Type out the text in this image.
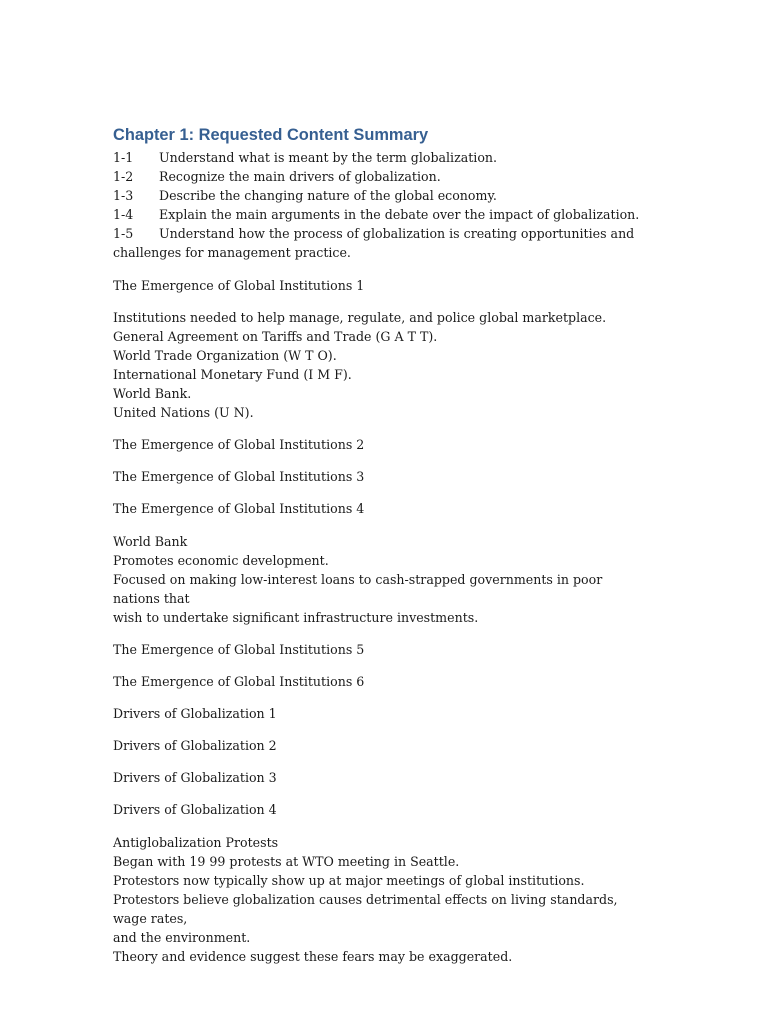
Chapter 1: Requested Content Summary
1-1	Understand what is meant by the term globalization.
1-2	Recognize the main drivers of globalization.
1-3	Describe the changing nature of the global economy.
1-4	Explain the main arguments in the debate over the impact of globalization.
1-5	Understand how the process of globalization is creating opportunities and
challenges for management practice.
The Emergence of Global Institutions 1
Institutions needed to help manage, regulate, and police global marketplace.
General Agreement on Tariffs and Trade (G A T T).
World Trade Organization (W T O).
International Monetary Fund (I M F).
World Bank.
United Nations (U N).
The Emergence of Global Institutions 2
The Emergence of Global Institutions 3
The Emergence of Global Institutions 4
World Bank
Promotes economic development.
Focused on making low-interest loans to cash-strapped governments in poor nations that
wish to undertake significant infrastructure investments.
The Emergence of Global Institutions 5
The Emergence of Global Institutions 6
Drivers of Globalization 1
Drivers of Globalization 2
Drivers of Globalization 3
Drivers of Globalization 4
Antiglobalization Protests
Began with 19 99 protests at WTO meeting in Seattle.
Protestors now typically show up at major meetings of global institutions.
Protestors believe globalization causes detrimental effects on living standards, wage rates,
and the environment.
Theory and evidence suggest these fears may be exaggerated.
